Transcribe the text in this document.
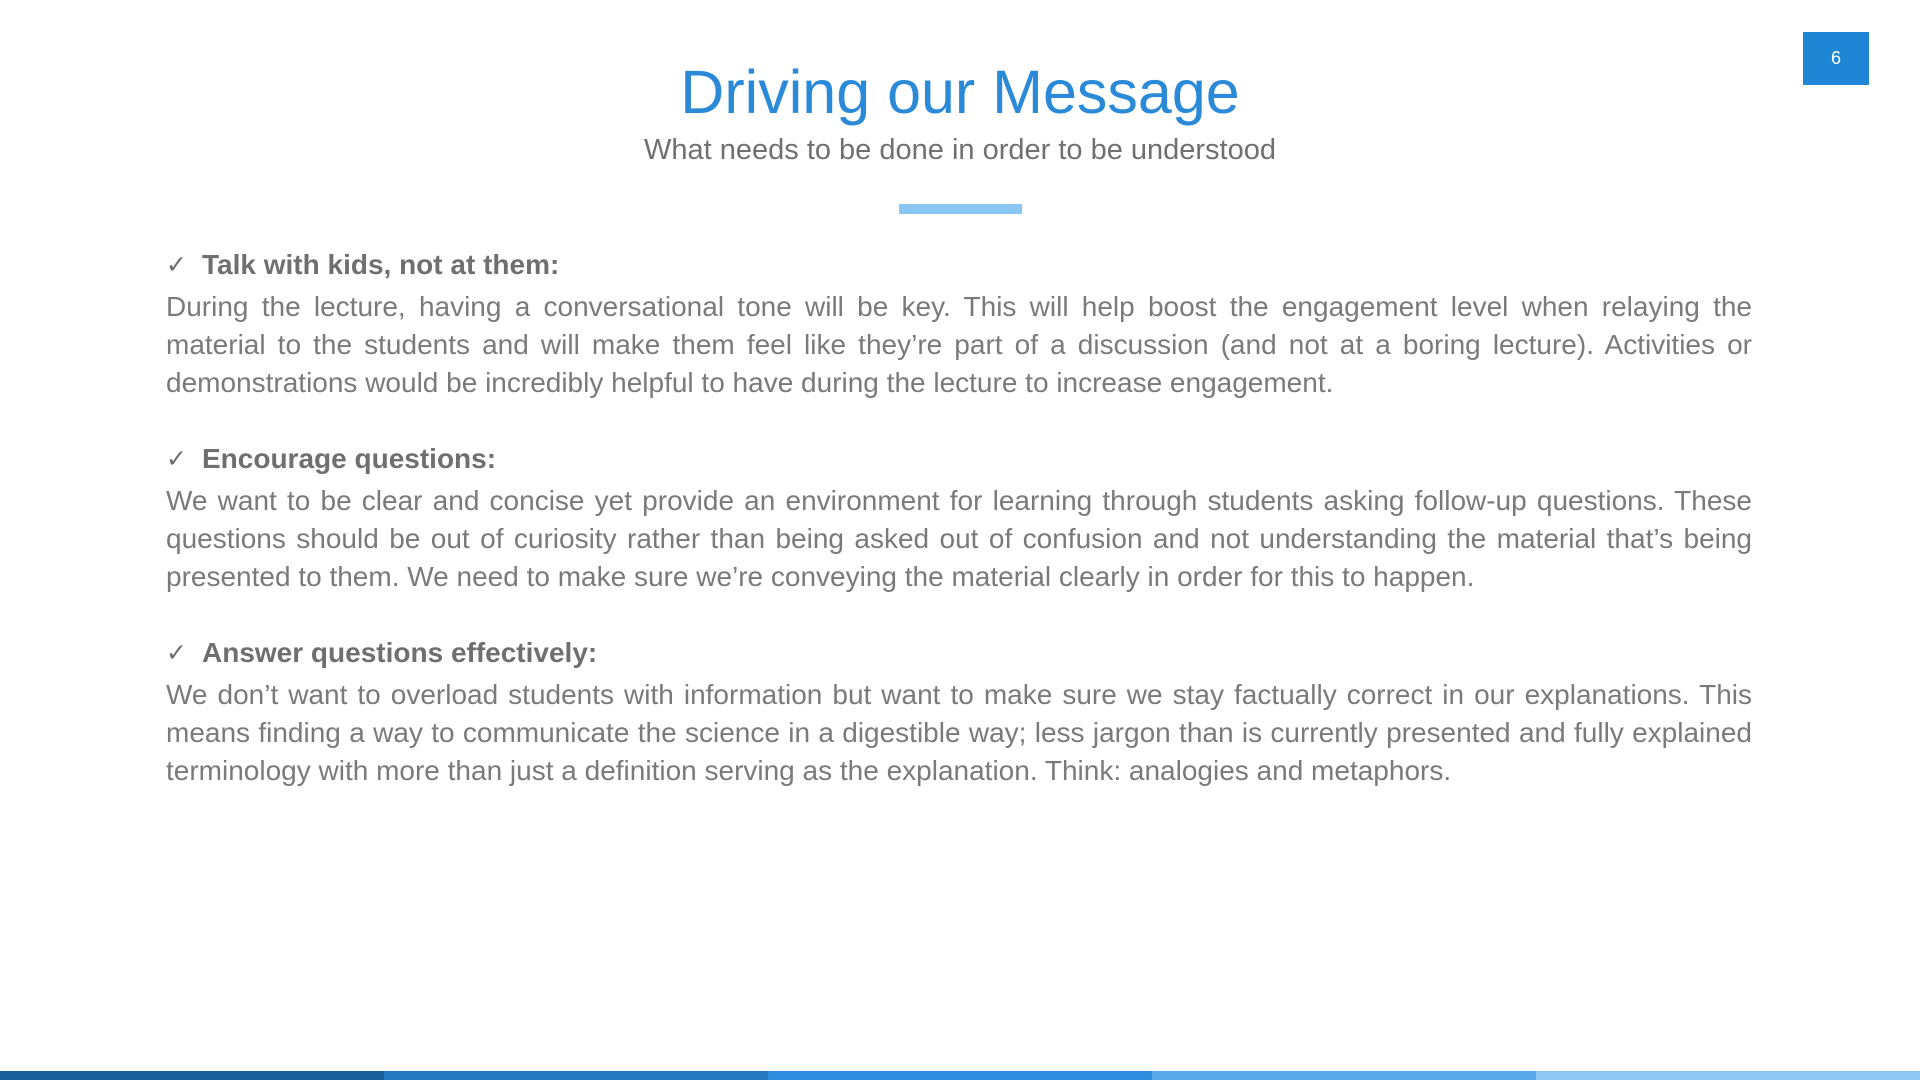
6
Driving our Message
What needs to be done in order to be understood
✓ Talk with kids, not at them:
During the lecture, having a conversational tone will be key. This will help boost the engagement level when relaying the material to the students and will make them feel like they’re part of a discussion (and not at a boring lecture). Activities or demonstrations would be incredibly helpful to have during the lecture to increase engagement.
✓ Encourage questions:
We want to be clear and concise yet provide an environment for learning through students asking follow-up questions. These questions should be out of curiosity rather than being asked out of confusion and not understanding the material that’s being presented to them. We need to make sure we’re conveying the material clearly in order for this to happen.
✓ Answer questions effectively:
We don’t want to overload students with information but want to make sure we stay factually correct in our explanations. This means finding a way to communicate the science in a digestible way; less jargon than is currently presented and fully explained terminology with more than just a definition serving as the explanation. Think: analogies and metaphors.
